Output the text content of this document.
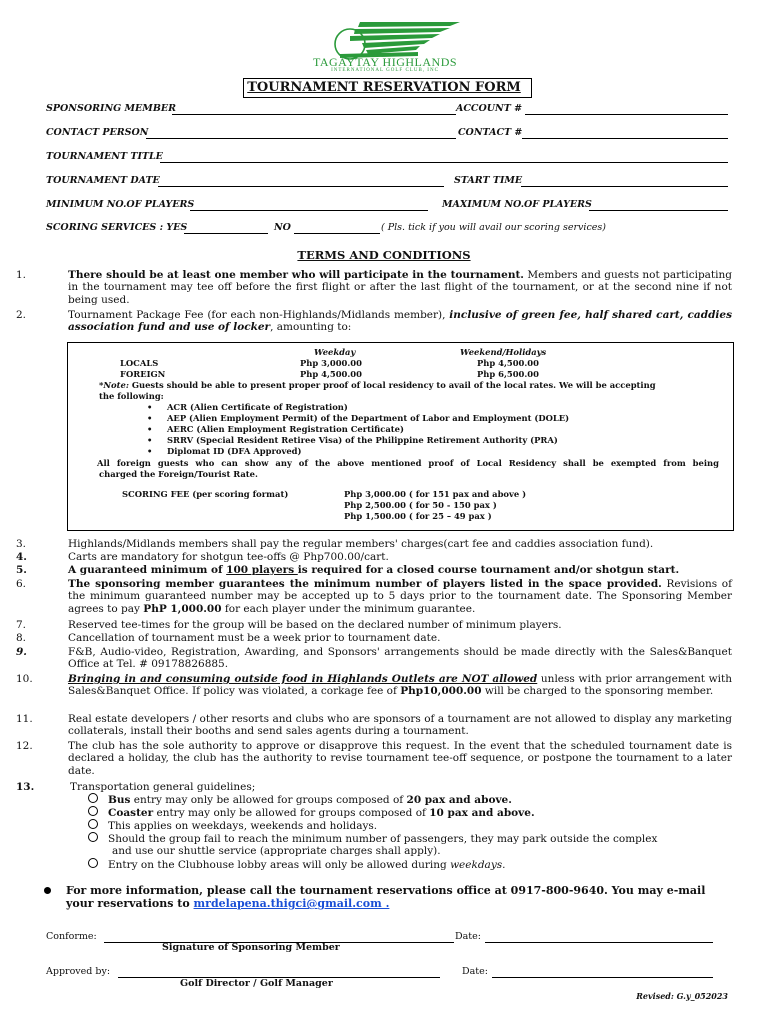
TAGAYTAY HIGHLANDS
INTERNATIONAL GOLF CLUB, INC
TOURNAMENT RESERVATION FORM
SPONSORING MEMBER	ACCOUNT #
CONTACT PERSON	CONTACT #
TOURNAMENT TITLE
TOURNAMENT DATE	START TIME
MINIMUM NO.OF PLAYERS	MAXIMUM NO.OF PLAYERS
SCORING SERVICES : YES	NO	( Pls. tick if you will avail our scoring services)
TERMS AND CONDITIONS
1.	There should be at least one member who will participate in the tournament. Members and guests not participating in the tournament may tee off before the first flight or after the last flight of the tournament, or at the second nine if not being used.
2.	Tournament Package Fee (for each non-Highlands/Midlands member), inclusive of green fee, half shared cart, caddies association fund and use of locker, amounting to:
Weekday	Weekend/Holidays
LOCALS	Php 3,000.00	Php 4,500.00
FOREIGN	Php 4,500.00	Php 6,500.00
*Note: Guests should be able to present proper proof of local residency to avail of the local rates. We will be accepting
the following:
•     ACR (Alien Certificate of Registration)
•     AEP (Alien Employment Permit) of the Department of Labor and Employment (DOLE)
•     AERC (Alien Employment Registration Certificate)
•     SRRV (Special Resident Retiree Visa) of the Philippine Retirement Authority (PRA)
•     Diplomat ID (DFA Approved)
All foreign guests who can show any of the above mentioned proof of Local Residency shall be exempted from being
charged the Foreign/Tourist Rate.
SCORING FEE (per scoring format)	Php 3,000.00 ( for 151 pax and above )
Php 2,500.00 ( for 50 - 150 pax )
Php 1,500.00 ( for 25 – 49 pax )
3.	Highlands/Midlands members shall pay the regular members' charges(cart fee and caddies association fund).
4.	Carts are mandatory for shotgun tee-offs @ Php700.00/cart.
5.	A guaranteed minimum of 100 players is required for a closed course tournament and/or shotgun start.
6.	The sponsoring member guarantees the minimum number of players listed in the space provided. Revisions of the minimum guaranteed number may be accepted up to 5 days prior to the tournament date. The Sponsoring Member agrees to pay PhP 1,000.00 for each player under the minimum guarantee.
7.	Reserved tee-times for the group will be based on the declared number of minimum players.
8.	Cancellation of tournament must be a week prior to tournament date.
9.	F&B, Audio-video, Registration, Awarding, and Sponsors' arrangements should be made directly with the Sales&Banquet Office at Tel. # 09178826885.
10.	Bringing in and consuming outside food in Highlands Outlets are NOT allowed unless with prior arrangement with Sales&Banquet Office. If policy was violated, a corkage fee of Php10,000.00 will be charged to the sponsoring member.
11.	Real estate developers / other resorts and clubs who are sponsors of a tournament are not allowed to display any marketing collaterals, install their booths and send sales agents during a tournament.
12.	The club has the sole authority to approve or disapprove this request. In the event that the scheduled tournament date is declared a holiday, the club has the authority to revise tournament tee-off sequence, or postpone the tournament to a later date.
13.	Transportation general guidelines;
Bus entry may only be allowed for groups composed of 20 pax and above.
Coaster entry may only be allowed for groups composed of 10 pax and above.
This applies on weekdays, weekends and holidays.
Should the group fail to reach the minimum number of passengers, they may park outside the complex
and use our shuttle service (appropriate charges shall apply).
Entry on the Clubhouse lobby areas will only be allowed during weekdays.
For more information, please call the tournament reservations office at 0917-800-9640. You may e-mail your reservations to mrdelapena.thigci@gmail.com .
Conforme:	Date:
Signature of Sponsoring Member
Approved by:	Date:
Golf Director / Golf Manager
Revised: G.y_052023
